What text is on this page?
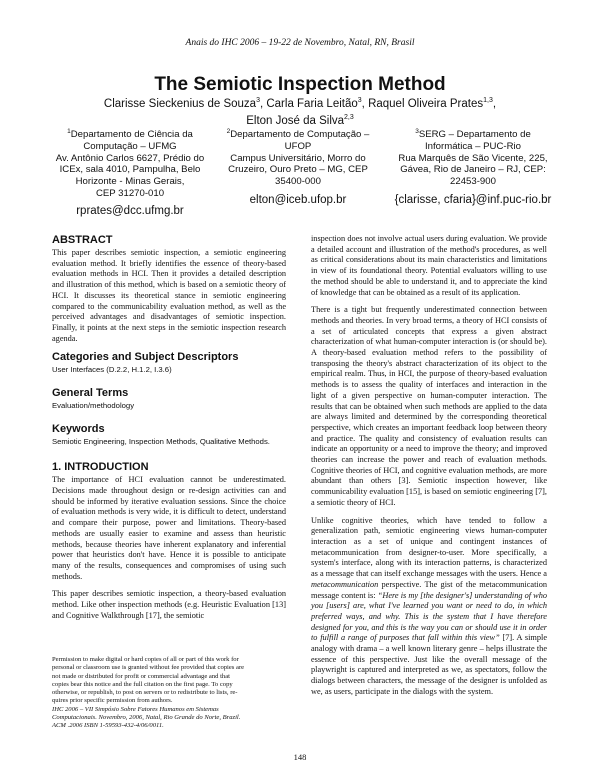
Anais do IHC 2006 – 19-22 de Novembro, Natal, RN, Brasil
The Semiotic Inspection Method
Clarisse Sieckenius de Souza$^3$, Carla Faria Leitão$^3$, Raquel Oliveira Prates$^{1,3}$,
Elton José da Silva$^{2,3}$
$^1$Departamento de Ciência da
Computação – UFMG
Av. Antônio Carlos 6627, Prédio do
ICEx, sala 4010, Pampulha, Belo
Horizonte - Minas Gerais,
CEP 31270-010
rprates@dcc.ufmg.br
$^2$Departamento de Computação –
UFOP
Campus Universitário, Morro do
Cruzeiro, Ouro Preto – MG, CEP
35400-000
elton@iceb.ufop.br
$^3$SERG – Departamento de
Informática – PUC-Rio
Rua Marquês de São Vicente, 225,
Gávea, Rio de Janeiro – RJ, CEP:
22453-900
{clarisse, cfaria}@inf.puc-rio.br
ABSTRACT

This paper describes semiotic inspection, a semiotic engineering evaluation method. It briefly identifies the essence of theory-based evaluation methods in HCI. Then it provides a detailed description and illustration of this method, which is based on a semiotic theory of HCI. It discusses its theoretical stance in semiotic engineering compared to the communicability evaluation method, as well as the perceived advantages and disadvantages of semiotic inspection. Finally, it points at the next steps in the semiotic inspection research agenda.

Categories and Subject Descriptors
User Interfaces (D.2.2, H.1.2, I.3.6)
General Terms
Evaluation/methodology
Keywords
Semiotic Engineering, Inspection Methods, Qualitative Methods.
1. INTRODUCTION

The importance of HCI evaluation cannot be underestimated. Decisions made throughout design or re-design activities can and should be informed by iterative evaluation sessions. Since the choice of evaluation methods is very wide, it is difficult to detect, understand and compare their purpose, power and limitations. Theory-based methods are usually easier to examine and assess than heuristic methods, because theories have inherent explanatory and inferential power that heuristics don't have. Hence it is possible to anticipate many of the results, consequences and compromises of using such methods.

This paper describes semiotic inspection, a theory-based evaluation method. Like other inspection methods (e.g. Heuristic Evaluation [13] and Cognitive Walkthrough [17], the semiotic

Permission to make digital or hard copies of all or part of this work for
personal or classroom use is granted without fee provided that copies are
not made or distributed for profit or commercial advantage and that
copies bear this notice and the full citation on the first page. To copy
otherwise, or republish, to post on servers or to redistribute to lists, re-
quires prior specific permission from authors.
IHC 2006 – VII Simpósio Sobre Fatores Humanos em Sistemas
Computacionais. Novembro, 2006, Natal, Rio Grande do Norte, Brazil.
ACM .2006 ISBN 1-59593-432-4/06/0011.

inspection does not involve actual users during evaluation. We provide a detailed account and illustration of the method's procedures, as well as critical considerations about its main characteristics and limitations in view of its foundational theory. Potential evaluators willing to use the method should be able to understand it, and to appreciate the kind of knowledge that can be obtained as a result of its application.

There is a tight but frequently underestimated connection between methods and theories. In very broad terms, a theory of HCI consists of a set of articulated concepts that express a given abstract characterization of what human-computer interaction is (or should be). A theory-based evaluation method refers to the possibility of transposing the theory's abstract characterization of its object to the empirical realm. Thus, in HCI, the purpose of theory-based evaluation methods is to assess the quality of interfaces and interaction in the light of a given perspective on human-computer interaction. The results that can be obtained when such methods are applied to the data are always limited and determined by the corresponding theoretical perspective, which creates an important feedback loop between theory and practice. The quality and consistency of evaluation results can indicate an opportunity or a need to improve the theory; and improved theories can increase the power and reach of evaluation methods. Cognitive theories of HCI, and cognitive evaluation methods, are more abundant than others [3]. Semiotic inspection however, like communicability evaluation [15], is based on semiotic engineering [7], a semiotic theory of HCI.

Unlike cognitive theories, which have tended to follow a generalization path, semiotic engineering views human-computer interaction as a set of unique and contingent instances of metacommunication from designer-to-user. More specifically, a system's interface, along with its interaction patterns, is characterized as a message that can itself exchange messages with the users. Hence a metacommunication perspective. The gist of the metacommunication message content is: “Here is my [the designer's] understanding of who you [users] are, what I've learned you want or need to do, in which preferred ways, and why. This is the system that I have therefore designed for you, and this is the way you can or should use it in order to fulfill a range of purposes that fall within this view” [7]. A simple analogy with drama – a well known literary genre – helps illustrate the essence of this perspective. Just like the overall message of the playwright is captured and interpreted as we, as spectators, follow the dialogs between characters, the message of the designer is unfolded as we, as users, participate in the dialogs with the system.

148
